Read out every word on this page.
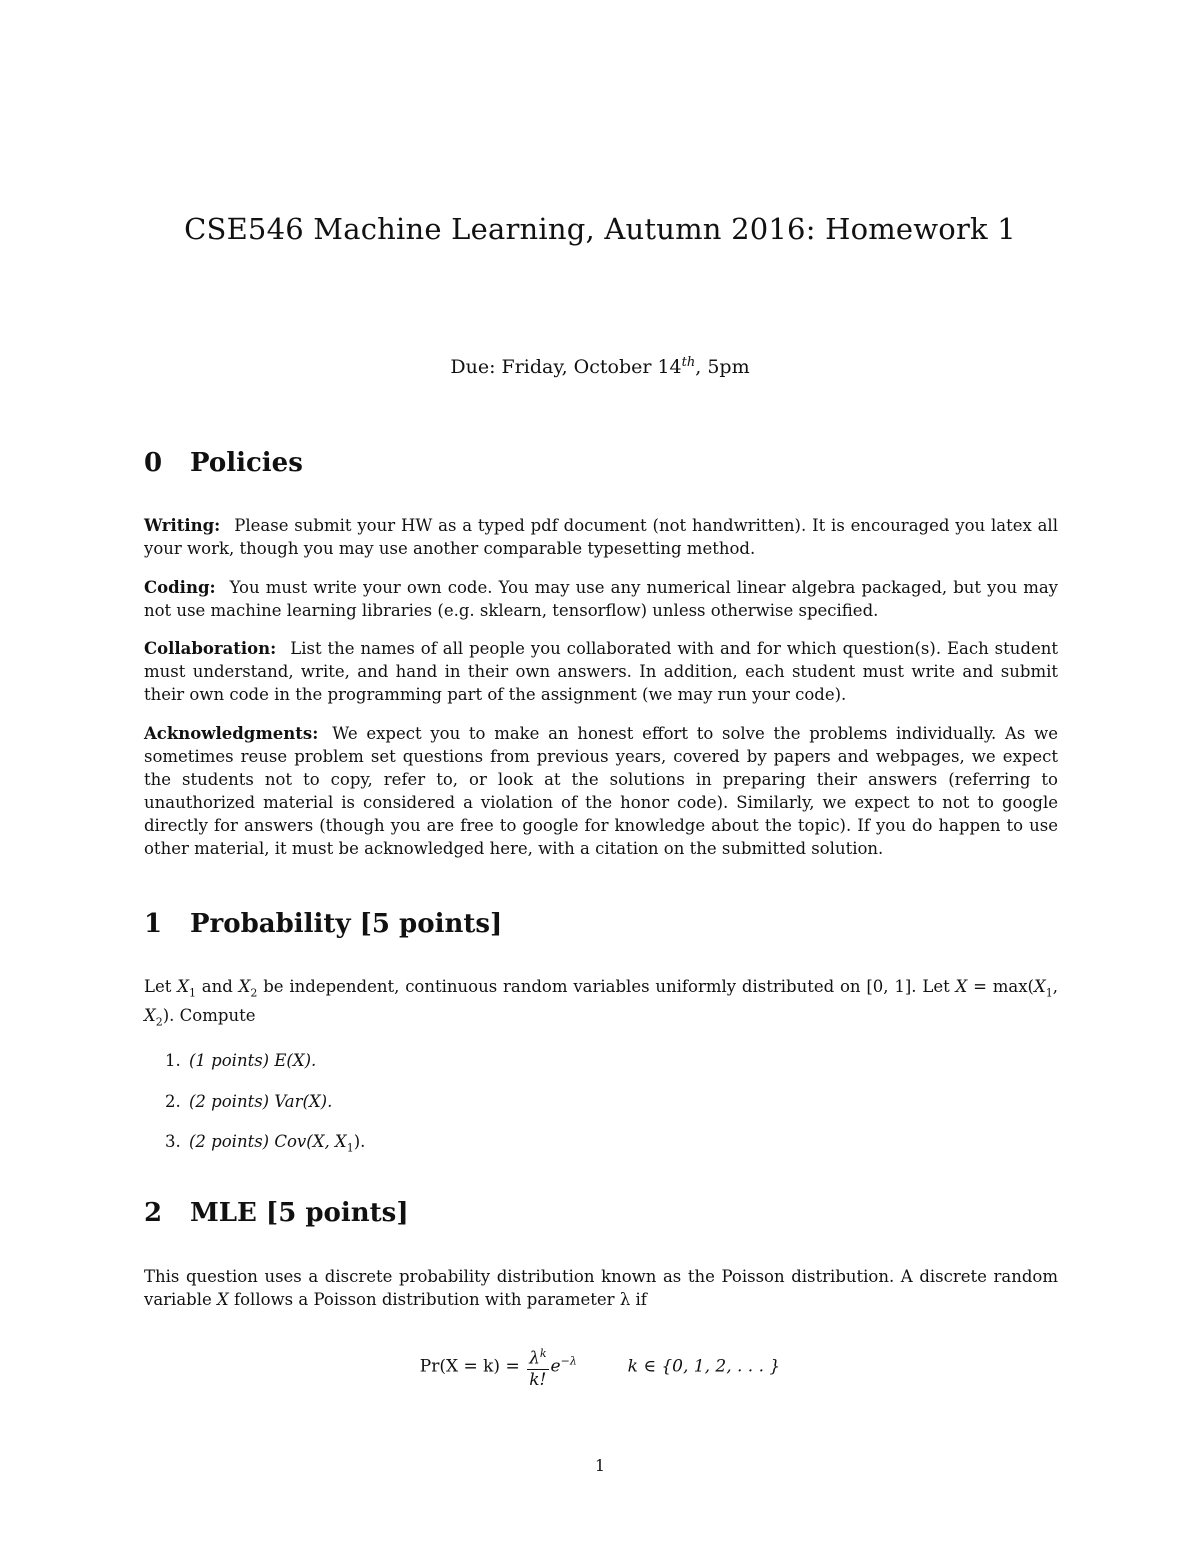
CSE546 Machine Learning, Autumn 2016: Homework 1
Due: Friday, October 14th, 5pm
0 Policies

Writing: Please submit your HW as a typed pdf document (not handwritten). It is encouraged you latex all your work, though you may use another comparable typesetting method.

Coding: You must write your own code. You may use any numerical linear algebra packaged, but you may not use machine learning libraries (e.g. sklearn, tensorflow) unless otherwise specified.

Collaboration: List the names of all people you collaborated with and for which question(s). Each student must understand, write, and hand in their own answers. In addition, each student must write and submit their own code in the programming part of the assignment (we may run your code).

Acknowledgments: We expect you to make an honest effort to solve the problems individually. As we sometimes reuse problem set questions from previous years, covered by papers and webpages, we expect the students not to copy, refer to, or look at the solutions in preparing their answers (referring to unauthorized material is considered a violation of the honor code). Similarly, we expect to not to google directly for answers (though you are free to google for knowledge about the topic). If you do happen to use other material, it must be acknowledged here, with a citation on the submitted solution.

1 Probability [5 points]

Let $X_1$ and $X_2$ be independent, continuous random variables uniformly distributed on [0, 1]. Let $X = \max(X_1$, $X_2$). Compute

1. (1 points) E(X).
2. (2 points) Var(X).
3. (2 points) Cov(X, $X_1$).
2 MLE [5 points]

This question uses a discrete probability distribution known as the Poisson distribution. A discrete random variable X follows a Poisson distribution with parameter λ if

$Pr(X = k) = \frac{\lambda^k}{k!} e^{-\lambda}$	k ∈ {0, 1, 2, . . . }
1
